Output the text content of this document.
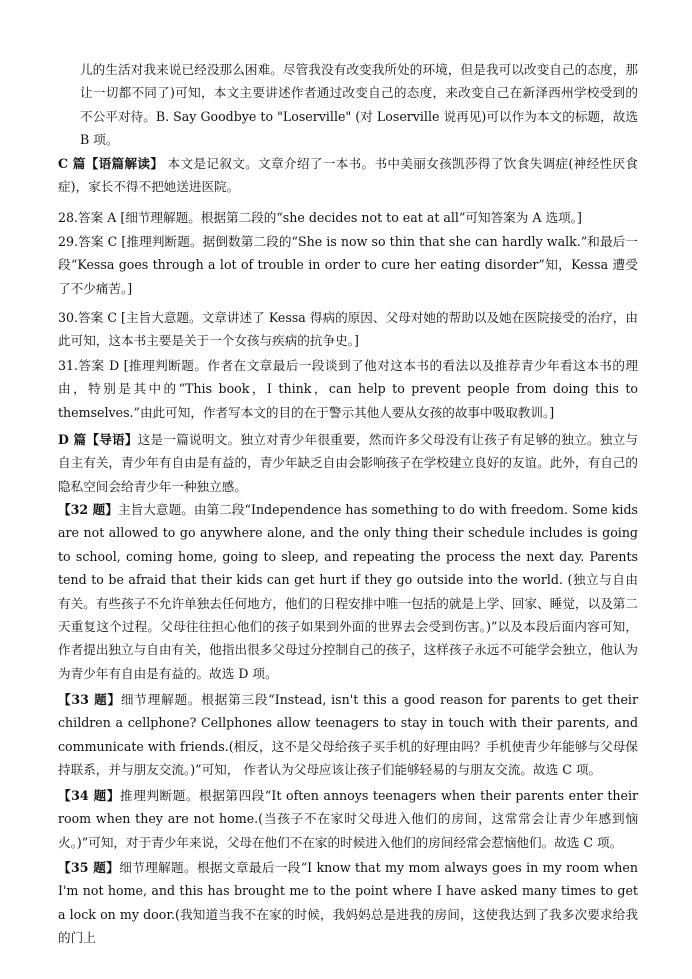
儿的生活对我来说已经没那么困难。尽管我没有改变我所处的环境，但是我可以改变自己的态度，那让一切都不同了)可知，本文主要讲述作者通过改变自己的态度，来改变自己在新泽西州学校受到的不公平对待。B. Say Goodbye to "Loserville" (对 Loserville 说再见)可以作为本文的标题，故选 B 项。

C 篇【语篇解读】 本文是记叙文。文章介绍了一本书。书中美丽女孩凯莎得了饮食失调症(神经性厌食症)，家长不得不把她送进医院。

28.答案 A [细节理解题。根据第二段的“she decides not to eat at all”可知答案为 A 选项。]

29.答案 C [推理判断题。据倒数第二段的“She is now so thin that she can hardly walk.”和最后一段“Kessa goes through a lot of trouble in order to cure her eating disorder”知，Kessa 遭受了不少痛苦。]

30.答案 C [主旨大意题。文章讲述了 Kessa 得病的原因、父母对她的帮助以及她在医院接受的治疗，由此可知，这本书主要是关于一个女孩与疾病的抗争史。]

31.答案 D [推理判断题。作者在文章最后一段谈到了他对这本书的看法以及推荐青少年看这本书的理由，特别是其中的“This book，I think，can help to prevent people from doing this to themselves.”由此可知，作者写本文的目的在于警示其他人要从女孩的故事中吸取教训。]

D 篇【导语】这是一篇说明文。独立对青少年很重要，然而许多父母没有让孩子有足够的独立。独立与自主有关，青少年有自由是有益的，青少年缺乏自由会影响孩子在学校建立良好的友谊。此外，有自己的隐私空间会给青少年一种独立感。

【32 题】主旨大意题。由第二段“Independence has something to do with freedom. Some kids are not allowed to go anywhere alone, and the only thing their schedule includes is going to school, coming home, going to sleep, and repeating the process the next day. Parents tend to be afraid that their kids can get hurt if they go outside into the world. (独立与自由有关。有些孩子不允许单独去任何地方，他们的日程安排中唯一包括的就是上学、回家、睡觉，以及第二天重复这个过程。父母往往担心他们的孩子如果到外面的世界去会受到伤害。)”以及本段后面内容可知，作者提出独立与自由有关，他指出很多父母过分控制自己的孩子，这样孩子永远不可能学会独立，他认为为青少年有自由是有益的。故选 D 项。

【33 题】细节理解题。根据第三段“Instead, isn't this a good reason for parents to get their children a cellphone? Cellphones allow teenagers to stay in touch with their parents, and communicate with friends.(相反，这不是父母给孩子买手机的好理由吗？手机使青少年能够与父母保持联系，并与朋友交流。)”可知， 作者认为父母应该让孩子们能够轻易的与朋友交流。故选 C 项。

【34 题】推理判断题。根据第四段“It often annoys teenagers when their parents enter their room when they are not home.(当孩子不在家时父母进入他们的房间，这常常会让青少年感到恼火。)”可知，对于青少年来说，父母在他们不在家的时候进入他们的房间经常会惹恼他们。故选 C 项。

【35 题】细节理解题。根据文章最后一段“I know that my mom always goes in my room when I'm not home, and this has brought me to the point where I have asked many times to get a lock on my door.(我知道当我不在家的时候，我妈妈总是进我的房间，这使我达到了我多次要求给我的门上
